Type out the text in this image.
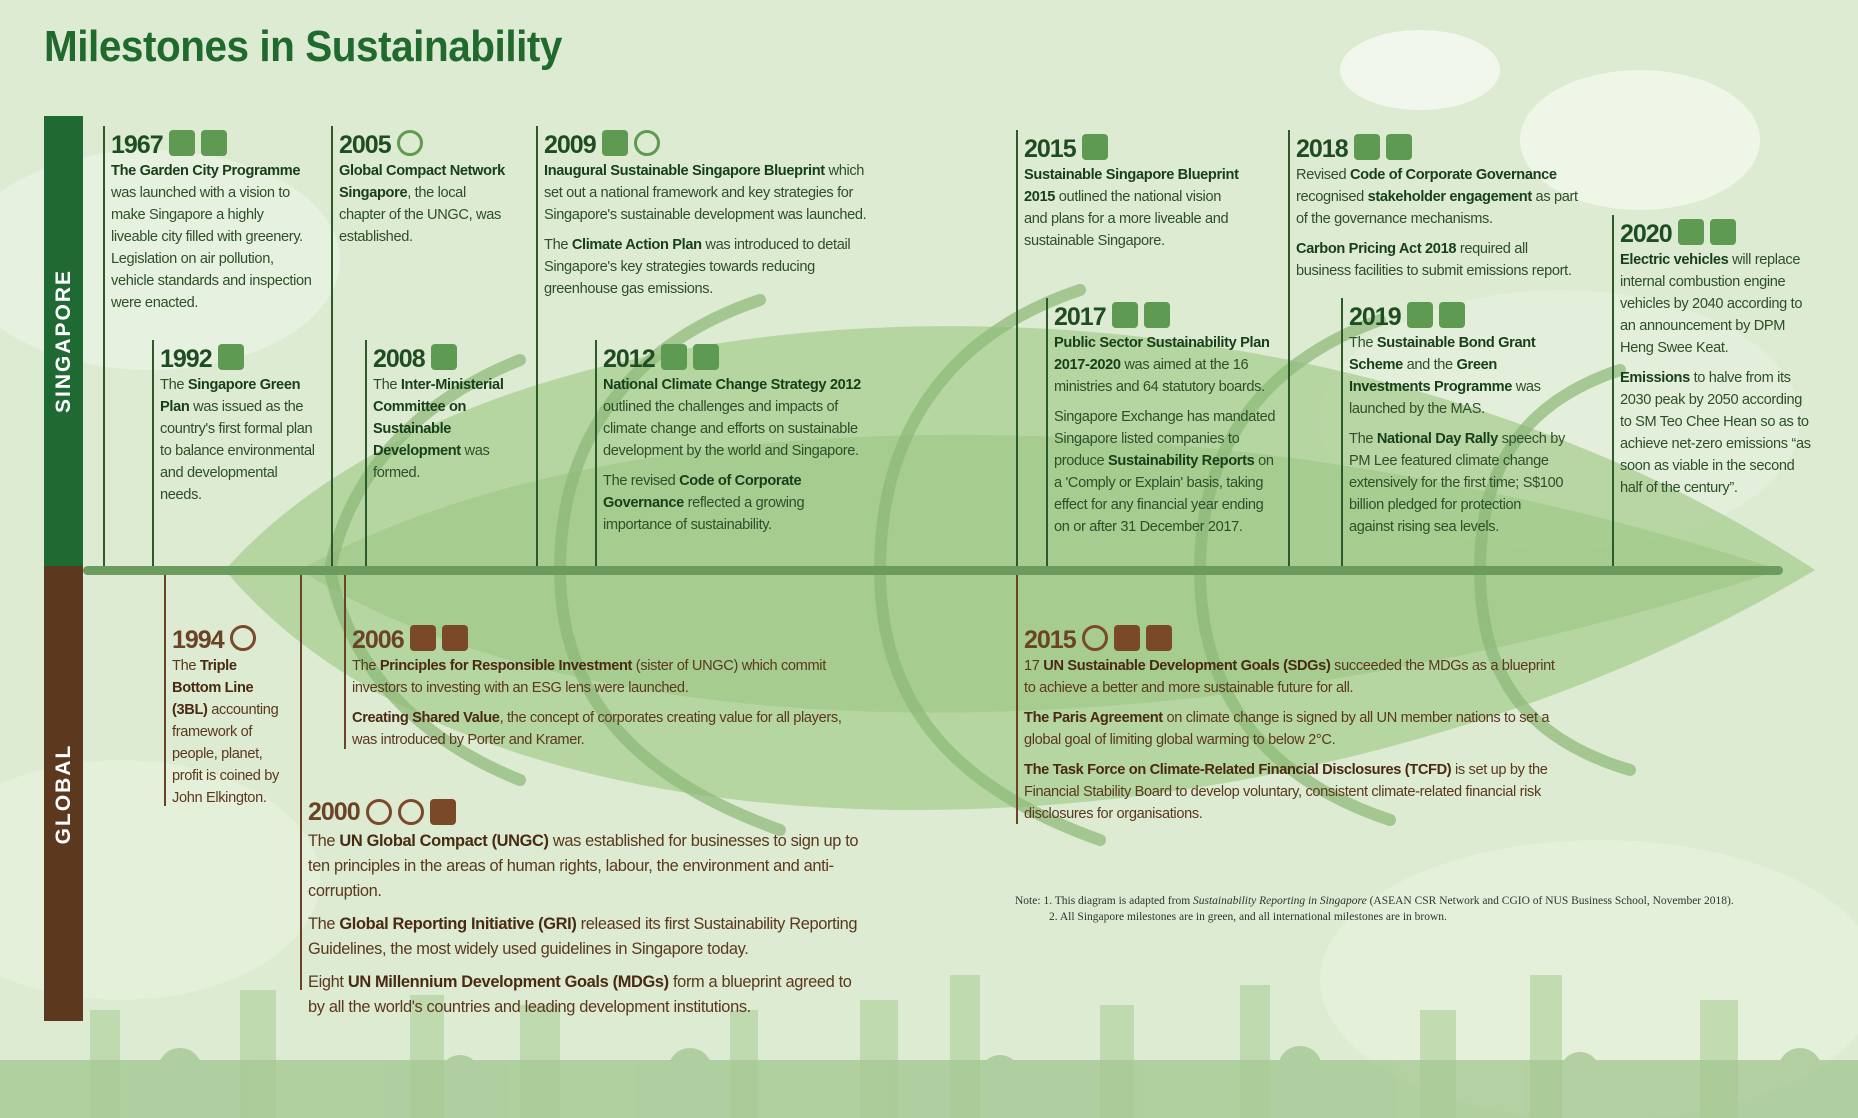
Milestones in Sustainability
SINGAPORE
GLOBAL
1967

The Garden City Programme was launched with a vision to make Singapore a highly liveable city filled with greenery. Legislation on air pollution, vehicle standards and inspection were enacted.

1992

The Singapore Green Plan was issued as the country's first formal plan to balance environmental and developmental needs.

2005

Global Compact Network Singapore, the local chapter of the UNGC, was established.

2008

The Inter-Ministerial Committee on Sustainable Development was formed.

2009

Inaugural Sustainable Singapore Blueprint which set out a national framework and key strategies for Singapore's sustainable development was launched.

The Climate Action Plan was introduced to detail Singapore's key strategies towards reducing greenhouse gas emissions.

2012

National Climate Change Strategy 2012 outlined the challenges and impacts of climate change and efforts on sustainable development by the world and Singapore.

The revised Code of Corporate Governance reflected a growing importance of sustainability.

2015

Sustainable Singapore Blueprint 2015 outlined the national vision and plans for a more liveable and sustainable Singapore.

2017

Public Sector Sustainability Plan 2017-2020 was aimed at the 16 ministries and 64 statutory boards.

Singapore Exchange has mandated Singapore listed companies to produce Sustainability Reports on a 'Comply or Explain' basis, taking effect for any financial year ending on or after 31 December 2017.

2018

Revised Code of Corporate Governance recognised stakeholder engagement as part of the governance mechanisms.

Carbon Pricing Act 2018 required all business facilities to submit emissions report.

2019

The Sustainable Bond Grant Scheme and the Green Investments Programme was launched by the MAS.

The National Day Rally speech by PM Lee featured climate change extensively for the first time; S$100 billion pledged for protection against rising sea levels.

2020

Electric vehicles will replace internal combustion engine vehicles by 2040 according to an announcement by DPM Heng Swee Keat.

Emissions to halve from its 2030 peak by 2050 according to SM Teo Chee Hean so as to achieve net-zero emissions “as soon as viable in the second half of the century”.

1994

The Triple Bottom Line (3BL) accounting framework of people, planet, profit is coined by John Elkington.

2006

The Principles for Responsible Investment (sister of UNGC) which commit investors to investing with an ESG lens were launched.

Creating Shared Value, the concept of corporates creating value for all players, was introduced by Porter and Kramer.

2000

The UN Global Compact (UNGC) was established for businesses to sign up to ten principles in the areas of human rights, labour, the environment and anti-corruption.

The Global Reporting Initiative (GRI) released its first Sustainability Reporting Guidelines, the most widely used guidelines in Singapore today.

Eight UN Millennium Development Goals (MDGs) form a blueprint agreed to by all the world's countries and leading development institutions.

2015

17 UN Sustainable Development Goals (SDGs) succeeded the MDGs as a blueprint to achieve a better and more sustainable future for all.

The Paris Agreement on climate change is signed by all UN member nations to set a global goal of limiting global warming to below 2°C.

The Task Force on Climate-Related Financial Disclosures (TCFD) is set up by the Financial Stability Board to develop voluntary, consistent climate-related financial risk disclosures for organisations.

Note: 1. This diagram is adapted from Sustainability Reporting in Singapore (ASEAN CSR Network and CGIO of NUS Business School, November 2018).
2. All Singapore milestones are in green, and all international milestones are in brown.
